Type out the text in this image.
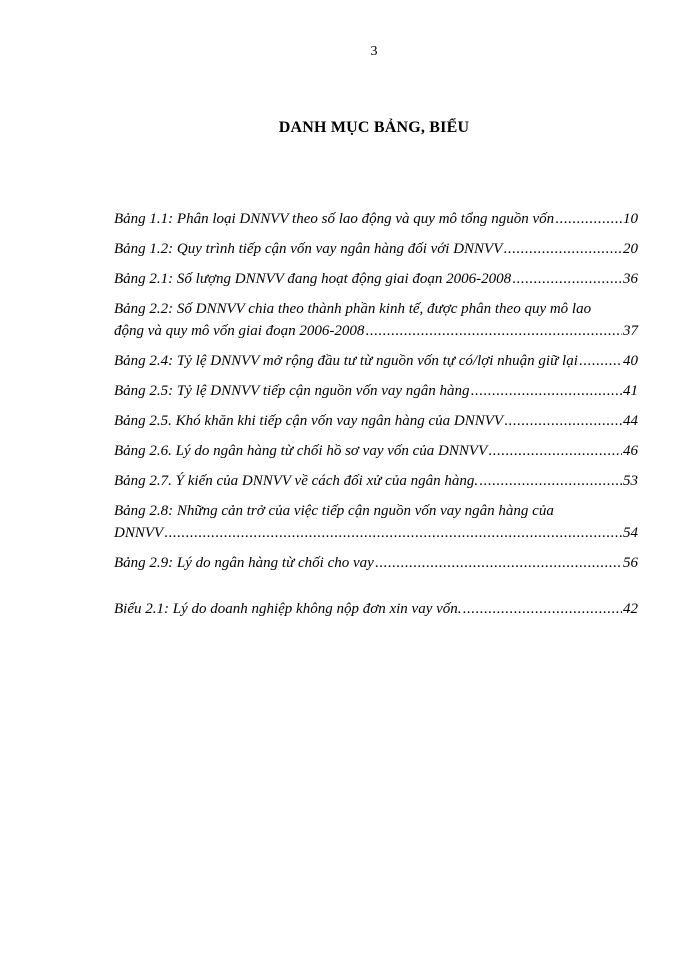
3
DANH MỤC BẢNG, BIỂU
Bảng 1.1: Phân loại DNNVV theo số lao động và quy mô tổng nguồn vốn .....	10
Bảng 1.2: Quy trình tiếp cận vốn vay ngân hàng đối với DNNVV .....	20
Bảng 2.1: Số lượng DNNVV đang hoạt động giai đoạn 2006-2008 .....	36
Bảng 2.2: Số DNNVV chia theo thành phần kinh tế, được phân theo quy mô lao
động và quy mô vốn giai đoạn 2006-2008 .....	37
Bảng 2.4: Tỷ lệ DNNVV mở rộng đầu tư từ nguồn vốn tự có/lợi nhuận giữ lại .....	40
Bảng 2.5: Tỷ lệ DNNVV tiếp cận nguồn vốn vay ngân hàng .....	41
Bảng 2.5. Khó khăn khi tiếp cận vốn vay ngân hàng của DNNVV .....	44
Bảng 2.6. Lý do ngân hàng từ chối hồ sơ vay vốn của DNNVV .....	46
Bảng 2.7. Ý kiến của DNNVV về cách đối xử của ngân hàng. .....	53
Bảng 2.8: Những cản trở của việc tiếp cận nguồn vốn vay ngân hàng của
DNNVV .....	54
Bảng 2.9: Lý do ngân hàng từ chối cho vay .....	56
Biểu 2.1: Lý do doanh nghiệp không nộp đơn xin vay vốn. .....	42
